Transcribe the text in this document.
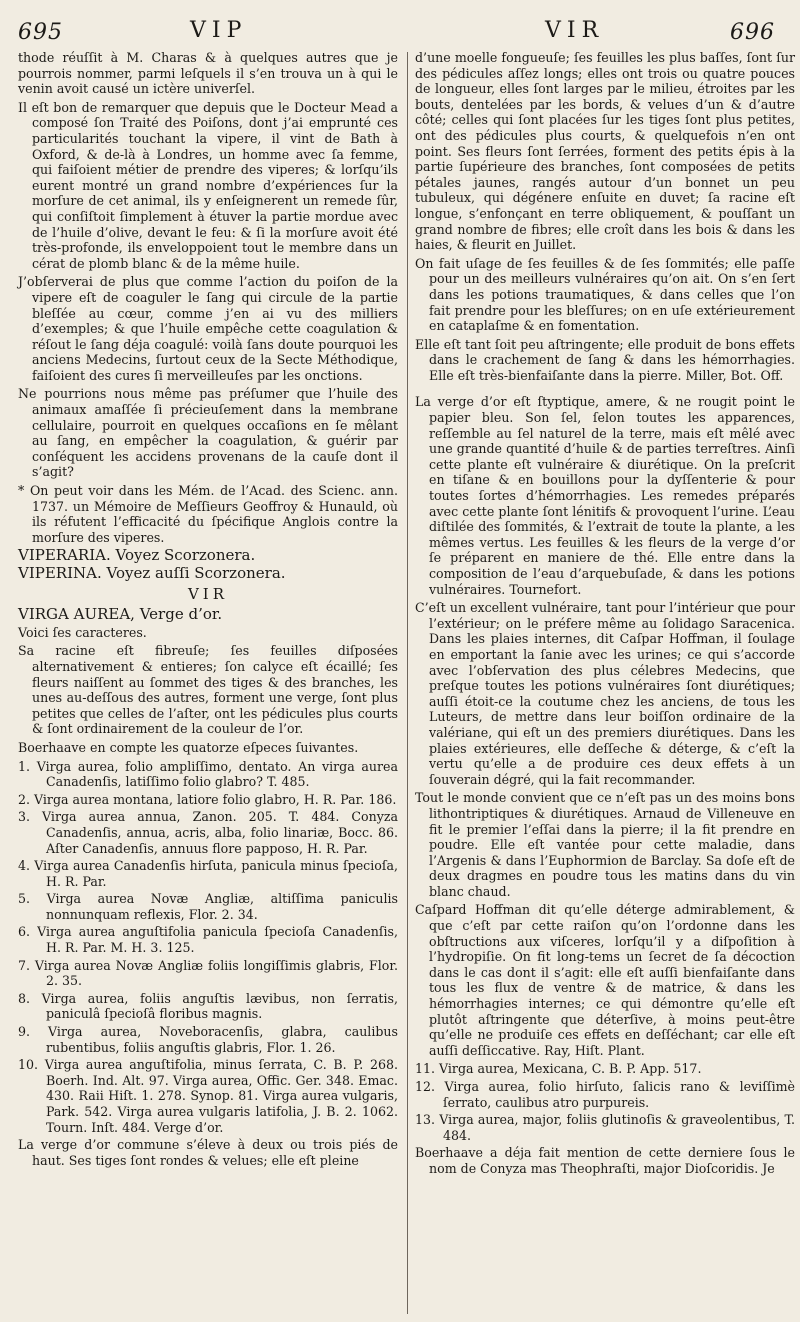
695	VIP	VIR	696

thode réuſſit à M. Charas & à quelques autres que je pourrois nommer, parmi leſquels il s’en trouva un à qui le venin avoit causé un ictère univerſel.

Il eſt bon de remarquer que depuis que le Docteur Mead a composé ſon Traité des Poiſons, dont j’ai emprunté ces particularités touchant la vipere, il vint de Bath à Oxford, & de-là à Londres, un homme avec ſa femme, qui faiſoient métier de prendre des viperes; & lorſqu’ils eurent montré un grand nombre d’expériences ſur la morſure de cet animal, ils y enſeignerent un remede ſûr, qui conſiſtoit ſimplement à étuver la partie mordue avec de l’huile d’olive, devant le feu: & ſi la morſure avoit été très-profonde, ils enveloppoient tout le membre dans un cérat de plomb blanc & de la même huile.

J’obſerverai de plus que comme l’action du poiſon de la vipere eſt de coaguler le ſang qui circule de la partie bleſſée au cœur, comme j’en ai vu des milliers d’exemples; & que l’huile empêche cette coagulation & réſout le ſang déja coagulé: voilà ſans doute pourquoi les anciens Medecins, ſurtout ceux de la Secte Méthodique, faiſoient des cures ſi merveilleuſes par les onctions.

Ne pourrions nous même pas préſumer que l’huile des animaux amaſſée ſi précieuſement dans la membrane cellulaire, pourroit en quelques occaſions en ſe mêlant au ſang, en empêcher la coagulation, & guérir par conſéquent les accidens provenans de la cauſe dont il s’agit?

* On peut voir dans les Mém. de l’Acad. des Scienc. ann. 1737. un Mémoire de Meſſieurs Geoffroy & Hunauld, où ils réfutent l’efficacité du ſpécifique Anglois contre la morſure des viperes.

VIPERARIA. Voyez Scorzonera.

VIPERINA. Voyez auſſi Scorzonera.

VIR

VIRGA AUREA, Verge d’or.

Voici ſes caracteres.

Sa racine eſt fibreuſe; ſes feuilles diſposées alternativement & entieres; ſon calyce eſt écaillé; ſes fleurs naiſſent au ſommet des tiges & des branches, les unes au-deſſous des autres, forment une verge, ſont plus petites que celles de l’aſter, ont les pédicules plus courts & ſont ordinairement de la couleur de l’or.

Boerhaave en compte les quatorze eſpeces ſuivantes.

1. Virga aurea, folio ampliſſimo, dentato. An virga aurea Canadenſis, latiſſimo folio glabro? T. 485.

2. Virga aurea montana, latiore folio glabro, H. R. Par. 186.

3. Virga aurea annua, Zanon. 205. T. 484. Conyza Canadenſis, annua, acris, alba, folio linariæ, Bocc. 86. Aſter Canadenſis, annuus flore papposo, H. R. Par.

4. Virga aurea Canadenſis hirſuta, panicula minus ſpecioſa, H. R. Par.

5. Virga aurea Novæ Angliæ, altiſſima paniculis nonnunquam reflexis, Flor. 2. 34.

6. Virga aurea anguſtifolia panicula ſpecioſa Canadenſis, H. R. Par. M. H. 3. 125.

7. Virga aurea Novæ Angliæ foliis longiſſimis glabris, Flor. 2. 35.

8. Virga aurea, foliis anguſtis lævibus, non ſerratis, paniculâ ſpecioſâ floribus magnis.

9. Virga aurea, Noveboracenſis, glabra, caulibus rubentibus, foliis anguſtis glabris, Flor. 1. 26.

10. Virga aurea anguſtifolia, minus ſerrata, C. B. P. 268. Boerh. Ind. Alt. 97. Virga aurea, Offic. Ger. 348. Emac. 430. Raii Hiſt. 1. 278. Synop. 81. Virga aurea vulgaris, Park. 542. Virga aurea vulgaris latifolia, J. B. 2. 1062. Tourn. Inſt. 484. Verge d’or.

La verge d’or commune s’éleve à deux ou trois piés de haut. Ses tiges ſont rondes & velues; elle eſt pleine

d’une moelle fongueuſe; ſes feuilles les plus baſſes, ſont ſur des pédicules aſſez longs; elles ont trois ou quatre pouces de longueur, elles ſont larges par le milieu, étroites par les bouts, dentelées par les bords, & velues d’un & d’autre côté; celles qui ſont placées ſur les tiges ſont plus petites, ont des pédicules plus courts, & quelquefois n’en ont point. Ses fleurs ſont ſerrées, forment des petits épis à la partie ſupérieure des branches, ſont composées de petits pétales jaunes, rangés autour d’un bonnet un peu tubuleux, qui dégénere enſuite en duvet; ſa racine eſt longue, s’enfonçant en terre obliquement, & pouſſant un grand nombre de fibres; elle croît dans les bois & dans les haies, & fleurit en Juillet.

On fait uſage de ſes feuilles & de ſes ſommités; elle paſſe pour un des meilleurs vulnéraires qu’on ait. On s’en ſert dans les potions traumatiques, & dans celles que l’on fait prendre pour les bleſſures; on en uſe extérieurement en cataplaſme & en fomentation.

Elle eſt tant ſoit peu aſtringente; elle produit de bons effets dans le crachement de ſang & dans les hémorrhagies. Elle eſt très-bienfaiſante dans la pierre. Miller, Bot. Off.

La verge d’or eſt ſtyptique, amere, & ne rougit point le papier bleu. Son ſel, ſelon toutes les apparences, reſſemble au ſel naturel de la terre, mais eſt mêlé avec une grande quantité d’huile & de parties terreſtres. Ainſi cette plante eſt vulnéraire & diurétique. On la preſcrit en tiſane & en bouillons pour la dyſſenterie & pour toutes ſortes d’hémorrhagies. Les remedes préparés avec cette plante ſont lénitifs & provoquent l’urine. L’eau diſtilée des ſommités, & l’extrait de toute la plante, a les mêmes vertus. Les feuilles & les fleurs de la verge d’or ſe préparent en maniere de thé. Elle entre dans la composition de l’eau d’arquebuſade, & dans les potions vulnéraires. Tournefort.

C’eſt un excellent vulnéraire, tant pour l’intérieur que pour l’extérieur; on le préfere même au ſolidago Saracenica. Dans les plaies internes, dit Caſpar Hoffman, il ſoulage en emportant la ſanie avec les urines; ce qui s’accorde avec l’obſervation des plus célebres Medecins, que preſque toutes les potions vulnéraires ſont diurétiques; auſſi étoit-ce la coutume chez les anciens, de tous les Luteurs, de mettre dans leur boiſſon ordinaire de la valériane, qui eſt un des premiers diurétiques. Dans les plaies extérieures, elle deſſeche & déterge, & c’eſt la vertu qu’elle a de produire ces deux effets à un ſouverain dégré, qui la fait recommander.

Tout le monde convient que ce n’eſt pas un des moins bons lithontriptiques & diurétiques. Arnaud de Villeneuve en fit le premier l’eſſai dans la pierre; il la fit prendre en poudre. Elle eſt vantée pour cette maladie, dans l’Argenis & dans l’Euphormion de Barclay. Sa doſe eſt de deux dragmes en poudre tous les matins dans du vin blanc chaud.

Caſpard Hoffman dit qu’elle déterge admirablement, & que c’eſt par cette raiſon qu’on l’ordonne dans les obſtructions aux viſceres, lorſqu’il y a diſpoſition à l’hydropiſie. On fit long-tems un ſecret de ſa décoction dans le cas dont il s’agit: elle eſt auſſi bienfaiſante dans tous les flux de ventre & de matrice, & dans les hémorrhagies internes; ce qui démontre qu’elle eſt plutôt aſtringente que déterſive, à moins peut-être qu’elle ne produiſe ces effets en deſſéchant; car elle eſt auſſi deſſiccative. Ray, Hiſt. Plant.

11. Virga aurea, Mexicana, C. B. P. App. 517.

12. Virga aurea, folio hirſuto, ſalicis rano & leviſſimè ſerrato, caulibus atro purpureis.

13. Virga aurea, major, foliis glutinoſis & graveolentibus, T. 484.

Boerhaave a déja fait mention de cette derniere ſous le nom de Conyza mas Theophraſti, major Dioſcoridis. Je
